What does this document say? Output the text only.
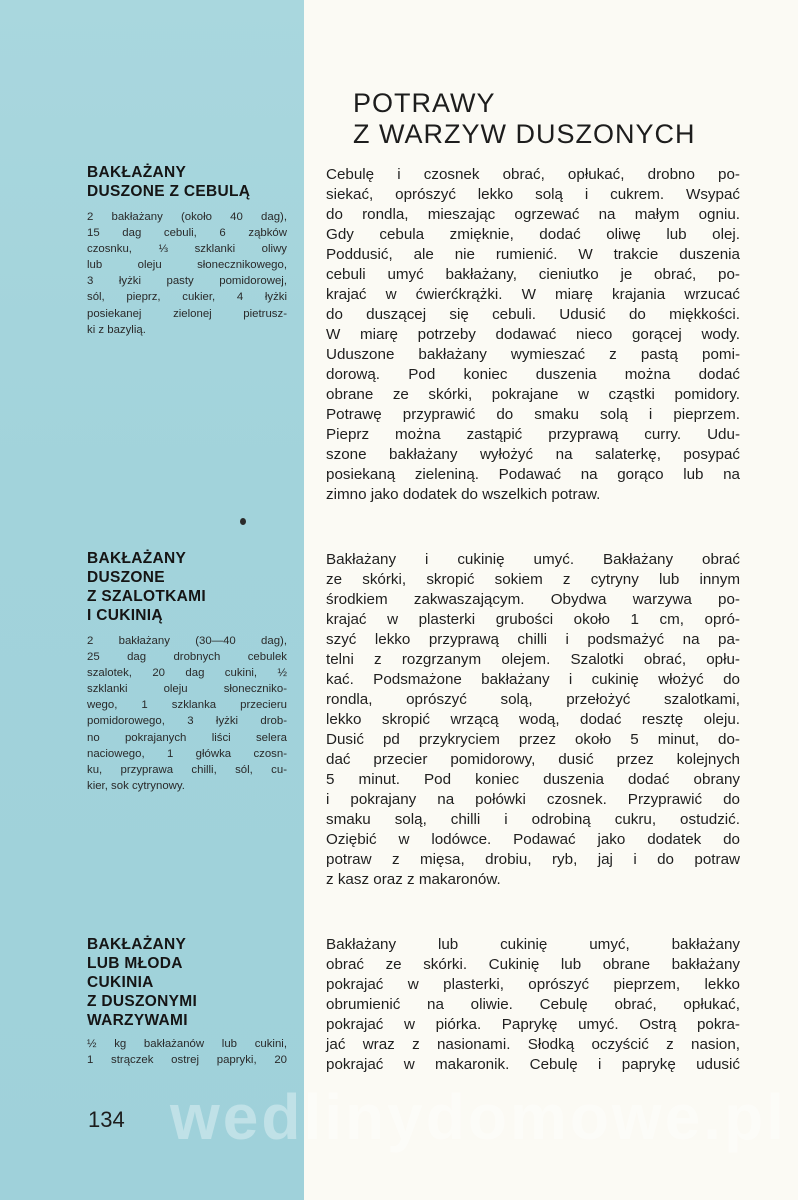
wedlinydomowe.pl
POTRAWY
Z WARZYW DUSZONYCH
BAKŁAŻANY
DUSZONE Z CEBULĄ
2 bakłażany (około 40 dag),
15 dag cebuli, 6 ząbków
czosnku, ⅓ szklanki oliwy
lub oleju słonecznikowego,
3 łyżki pasty pomidorowej,
sól, pieprz, cukier, 4 łyżki
posiekanej zielonej pietrusz-
ki z bazylią.
Cebulę i czosnek obrać, opłukać, drobno po-
siekać, oprószyć lekko solą i cukrem. Wsypać
do rondla, mieszając ogrzewać na małym ogniu.
Gdy cebula zmięknie, dodać oliwę lub olej.
Poddusić, ale nie rumienić. W trakcie duszenia
cebuli umyć bakłażany, cieniutko je obrać, po-
krajać w ćwierćkrążki. W miarę krajania wrzucać
do duszącej się cebuli. Udusić do miękkości.
W miarę potrzeby dodawać nieco gorącej wody.
Uduszone bakłażany wymieszać z pastą pomi-
dorową. Pod koniec duszenia można dodać
obrane ze skórki, pokrajane w cząstki pomidory.
Potrawę przyprawić do smaku solą i pieprzem.
Pieprz można zastąpić przyprawą curry. Udu-
szone bakłażany wyłożyć na salaterkę, posypać
posiekaną zieleniną. Podawać na gorąco lub na
zimno jako dodatek do wszelkich potraw.
BAKŁAŻANY
DUSZONE
Z SZALOTKAMI
I CUKINIĄ
2 bakłażany (30—40 dag),
25 dag drobnych cebulek
szalotek, 20 dag cukini, ½
szklanki oleju słoneczniko-
wego, 1 szklanka przecieru
pomidorowego, 3 łyżki drob-
no pokrajanych liści selera
naciowego, 1 główka czosn-
ku, przyprawa chilli, sól, cu-
kier, sok cytrynowy.
Bakłażany i cukinię umyć. Bakłażany obrać
ze skórki, skropić sokiem z cytryny lub innym
środkiem zakwaszającym. Obydwa warzywa po-
krajać w plasterki grubości około 1 cm, opró-
szyć lekko przyprawą chilli i podsmażyć na pa-
telni z rozgrzanym olejem. Szalotki obrać, opłu-
kać. Podsmażone bakłażany i cukinię włożyć do
rondla, oprószyć solą, przełożyć szalotkami,
lekko skropić wrzącą wodą, dodać resztę oleju.
Dusić pd przykryciem przez około 5 minut, do-
dać przecier pomidorowy, dusić przez kolejnych
5 minut. Pod koniec duszenia dodać obrany
i pokrajany na połówki czosnek. Przyprawić do
smaku solą, chilli i odrobiną cukru, ostudzić.
Oziębić w lodówce. Podawać jako dodatek do
potraw z mięsa, drobiu, ryb, jaj i do potraw
z kasz oraz z makaronów.
BAKŁAŻANY
LUB MŁODA
CUKINIA
Z DUSZONYMI
WARZYWAMI
½ kg bakłażanów lub cukini,
1 strączek ostrej papryki, 20
Bakłażany lub cukinię umyć, bakłażany
obrać ze skórki. Cukinię lub obrane bakłażany
pokrajać w plasterki, oprószyć pieprzem, lekko
obrumienić na oliwie. Cebulę obrać, opłukać,
pokrajać w piórka. Paprykę umyć. Ostrą pokra-
jać wraz z nasionami. Słodką oczyścić z nasion,
pokrajać w makaronik. Cebulę i paprykę udusić
134
